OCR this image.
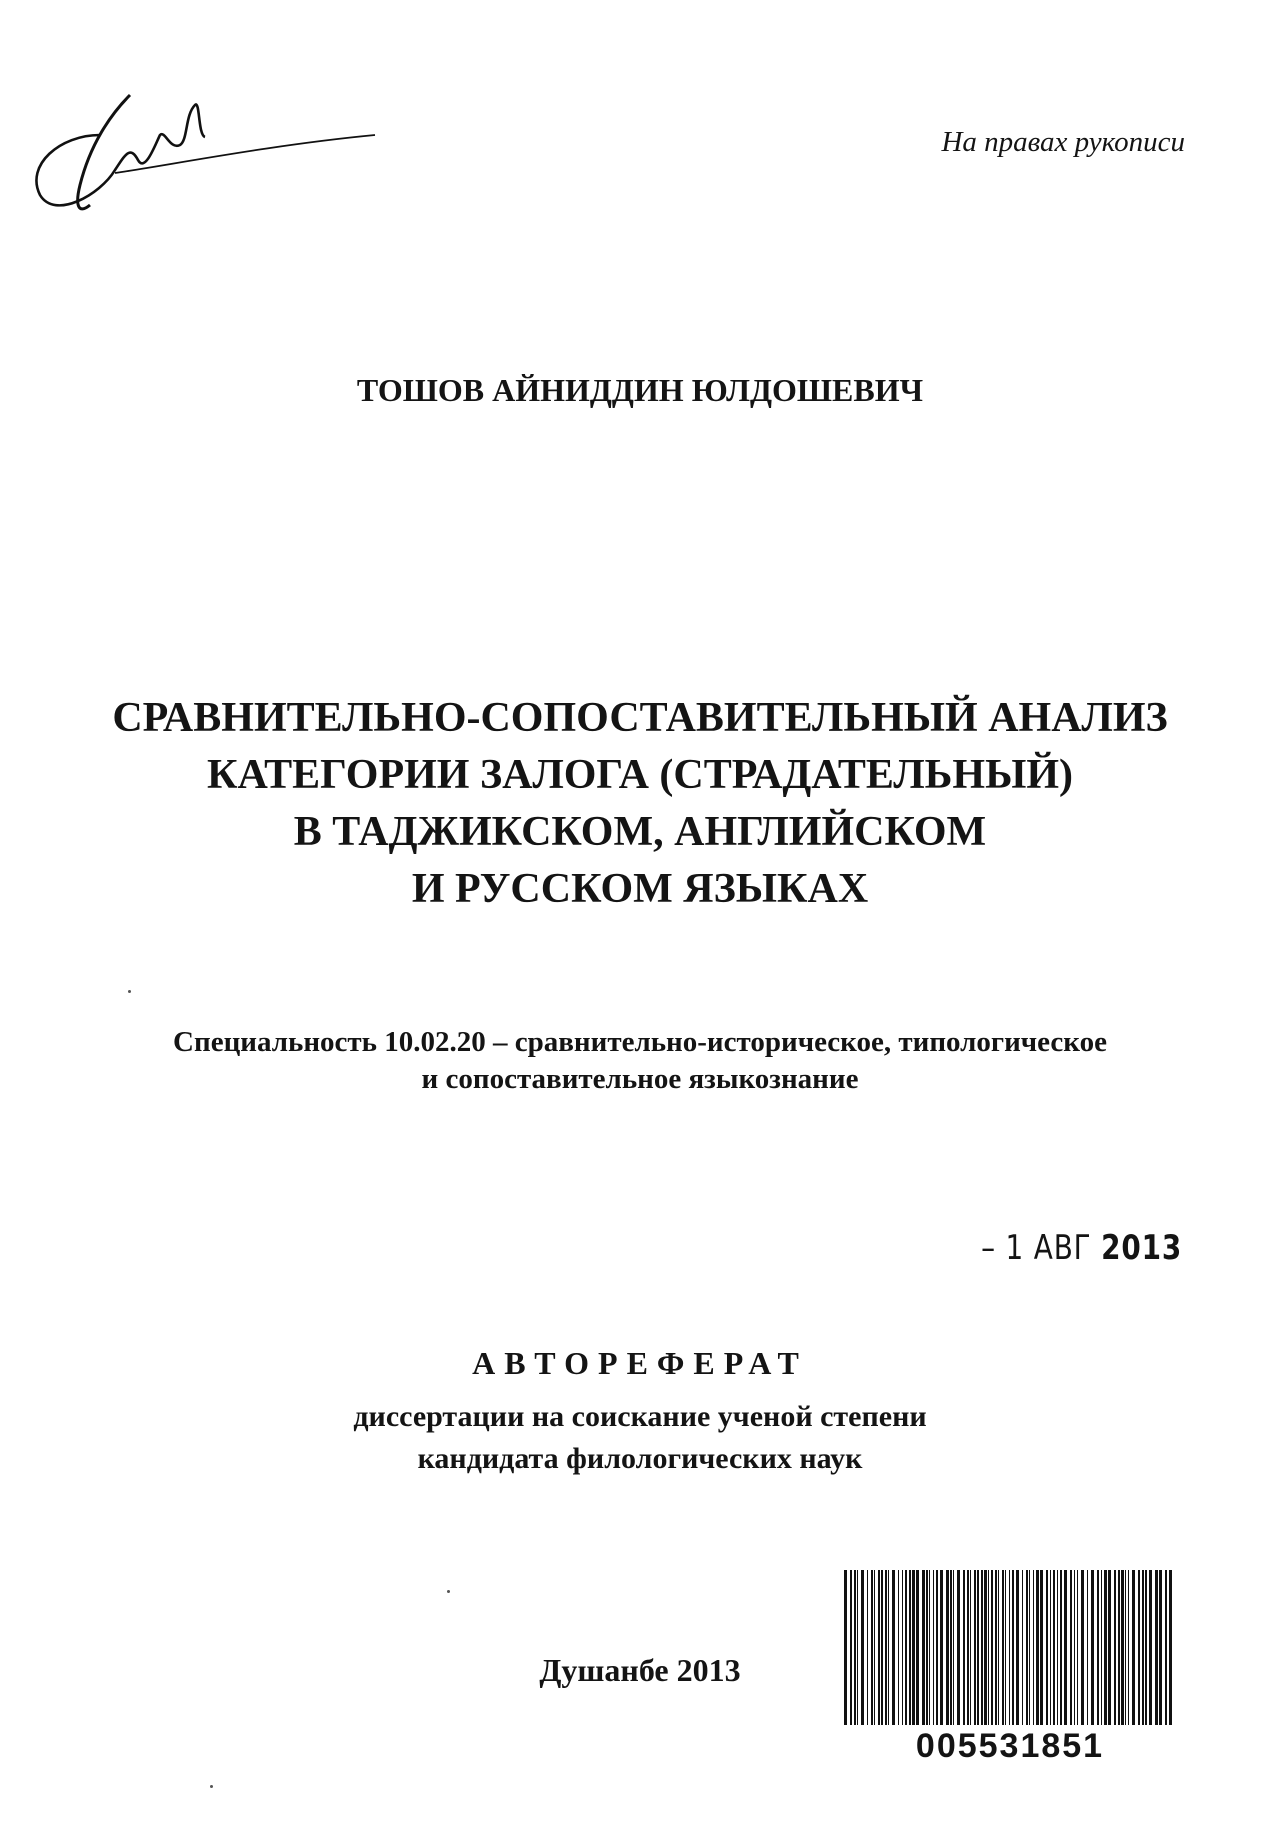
На правах рукописи

ТОШОВ АЙНИДДИН ЮЛДОШЕВИЧ

СРАВНИТЕЛЬНО-СОПОСТАВИТЕЛЬНЫЙ АНАЛИЗ
КАТЕГОРИИ ЗАЛОГА (СТРАДАТЕЛЬНЫЙ)
В ТАДЖИКСКОМ, АНГЛИЙСКОМ
И РУССКОМ ЯЗЫКАХ
Специальность 10.02.20 – сравнительно-историческое, типологическое
и сопоставительное языкознание
– 1 АВГ 2013
АВТОРЕФЕРАТ
диссертации на соискание ученой степени
кандидата филологических наук

Душанбе 2013

005531851
